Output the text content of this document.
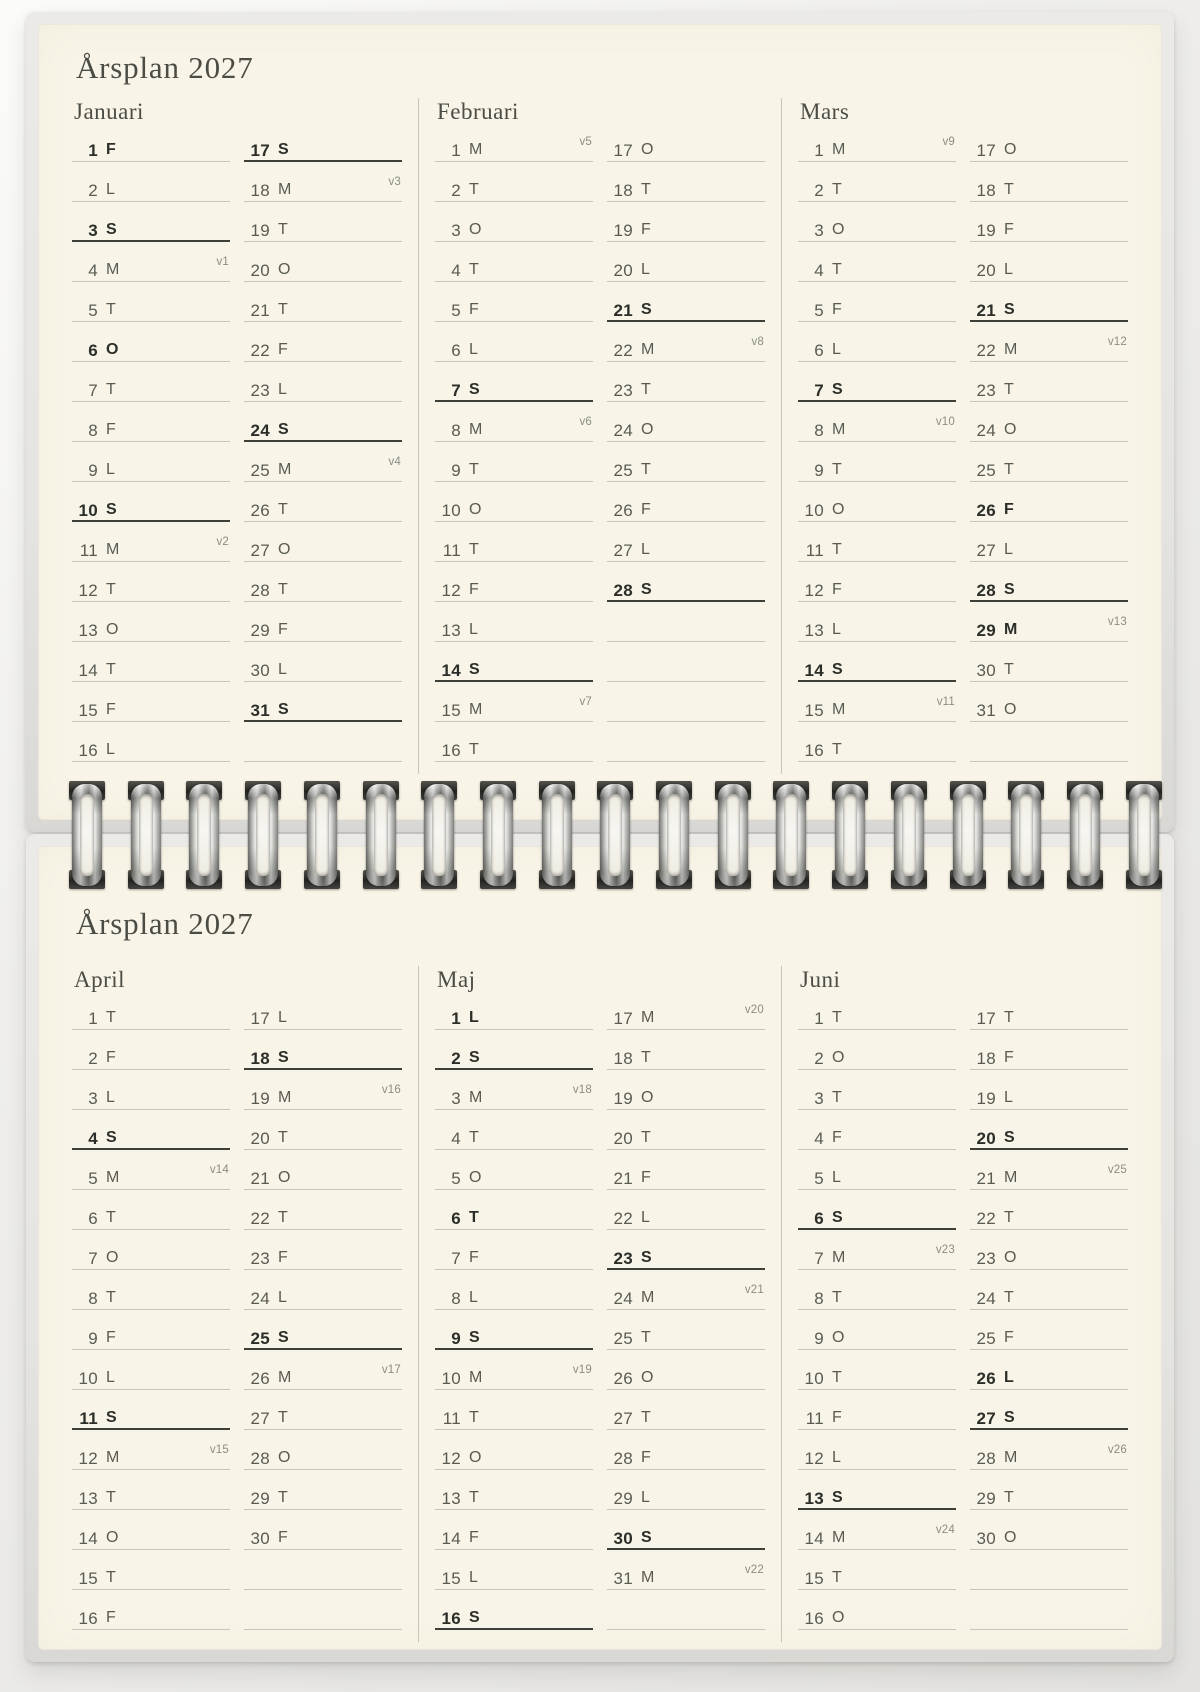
Årsplan 2027
Januari
1 F
2 L
3 S
4 M	v1
5 T
6 O
7 T
8 F
9 L
10 S
11 M	v2
12 T
13 O
14 T
15 F
16 L
17 S
18 M	v3
19 T
20 O
21 T
22 F
23 L
24 S
25 M	v4
26 T
27 O
28 T
29 F
30 L
31 S
Februari
1 M	v5
2 T
3 O
4 T
5 F
6 L
7 S
8 M	v6
9 T
10 O
11 T
12 F
13 L
14 S
15 M	v7
16 T
17 O
18 T
19 F
20 L
21 S
22 M	v8
23 T
24 O
25 T
26 F
27 L
28 S
Mars
1 M	v9
2 T
3 O
4 T
5 F
6 L
7 S
8 M	v10
9 T
10 O
11 T
12 F
13 L
14 S
15 M	v11
16 T
17 O
18 T
19 F
20 L
21 S
22 M	v12
23 T
24 O
25 T
26 F
27 L
28 S
29 M	v13
30 T
31 O
Årsplan 2027
April
1 T
2 F
3 L
4 S
5 M	v14
6 T
7 O
8 T
9 F
10 L
11 S
12 M	v15
13 T
14 O
15 T
16 F
17 L
18 S
19 M	v16
20 T
21 O
22 T
23 F
24 L
25 S
26 M	v17
27 T
28 O
29 T
30 F
Maj
1 L
2 S
3 M	v18
4 T
5 O
6 T
7 F
8 L
9 S
10 M	v19
11 T
12 O
13 T
14 F
15 L
16 S
17 M	v20
18 T
19 O
20 T
21 F
22 L
23 S
24 M	v21
25 T
26 O
27 T
28 F
29 L
30 S
31 M	v22
Juni
1 T
2 O
3 T
4 F
5 L
6 S
7 M	v23
8 T
9 O
10 T
11 F
12 L
13 S
14 M	v24
15 T
16 O
17 T
18 F
19 L
20 S
21 M	v25
22 T
23 O
24 T
25 F
26 L
27 S
28 M	v26
29 T
30 O
